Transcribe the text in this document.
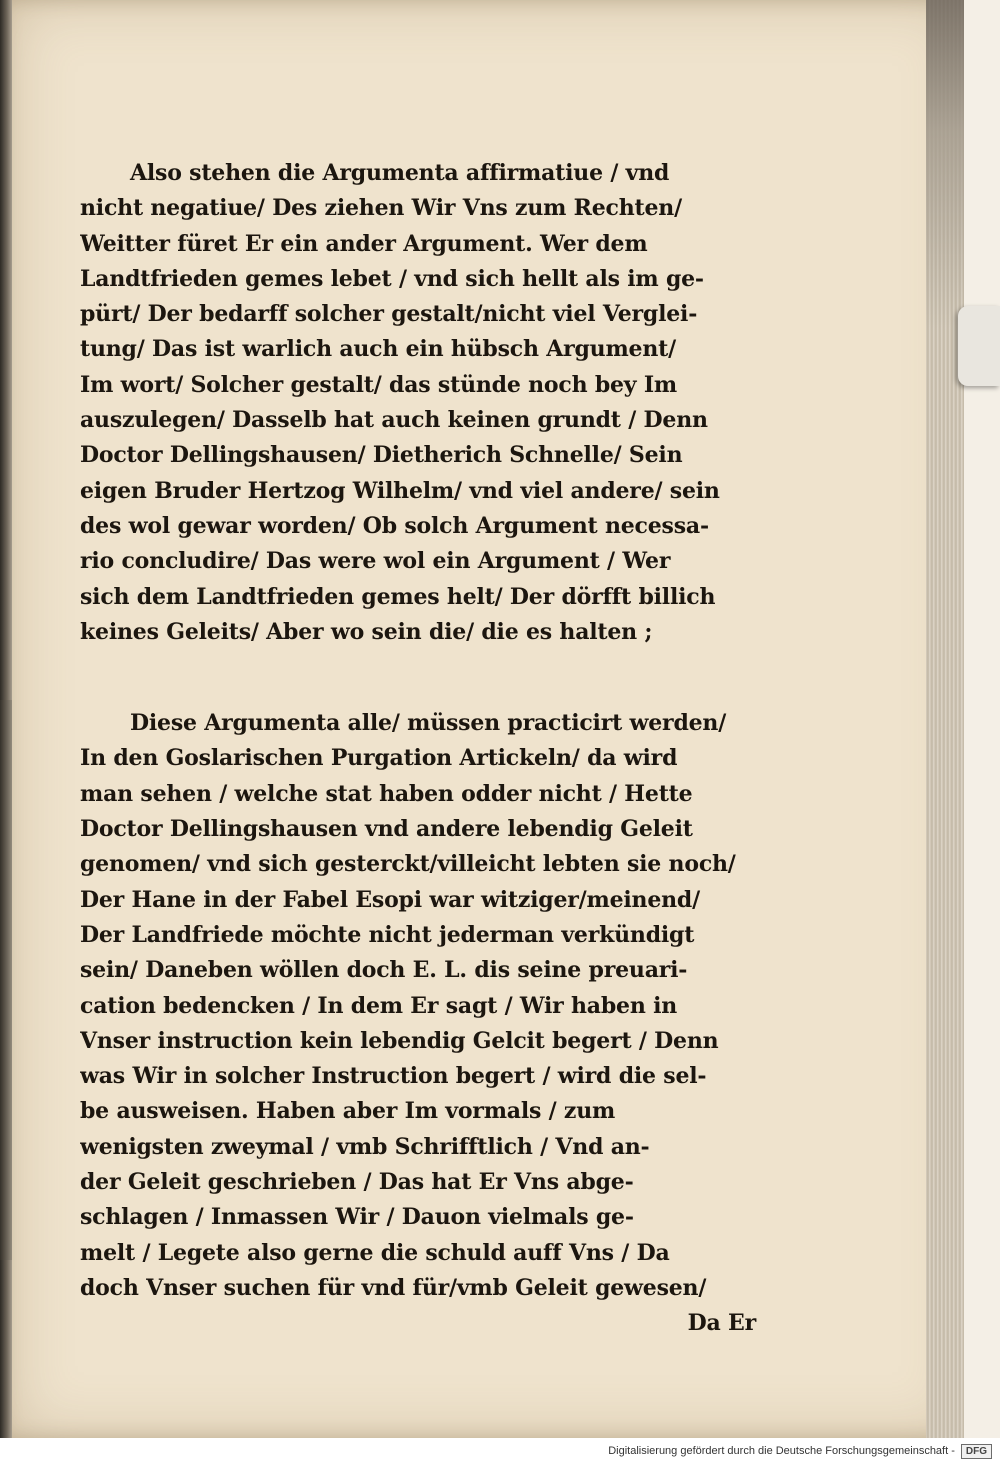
Also stehen die Argumenta affirmatiue / vnd
nicht negatiue/ Des ziehen Wir Vns zum Rechten/
Weitter füret Er ein ander Argument. Wer dem
Landtfrieden gemes lebet / vnd sich hellt als im ge-
pürt/ Der bedarff solcher gestalt/nicht viel Verglei-
tung/ Das ist warlich auch ein hübsch Argument/
Im wort/ Solcher gestalt/ das stünde noch bey Im
auszulegen/ Dasselb hat auch keinen grundt / Denn
Doctor Dellingshausen/ Dietherich Schnelle/ Sein
eigen Bruder Hertzog Wilhelm/ vnd viel andere/ sein
des wol gewar worden/ Ob solch Argument necessa-
rio concludire/ Das were wol ein Argument / Wer
sich dem Landtfrieden gemes helt/ Der dörfft billich
keines Geleits/ Aber wo sein die/ die es halten ;
Diese Argumenta alle/ müssen practicirt werden/
In den Goslarischen Purgation Artickeln/ da wird
man sehen / welche stat haben odder nicht / Hette
Doctor Dellingshausen vnd andere lebendig Geleit
genomen/ vnd sich gesterckt/villeicht lebten sie noch/
Der Hane in der Fabel Esopi war witziger/meinend/
Der Landfriede möchte nicht jederman verkündigt
sein/ Daneben wöllen doch E. L. dis seine preuari-
cation bedencken / In dem Er sagt / Wir haben in
Vnser instruction kein lebendig Gelcit begert / Denn
was Wir in solcher Instruction begert / wird die sel-
be ausweisen. Haben aber Im vormals / zum
wenigsten zweymal / vmb Schrifftlich / Vnd an-
der Geleit geschrieben / Das hat Er Vns abge-
schlagen / Inmassen Wir / Dauon vielmals ge-
melt / Legete also gerne die schuld auff Vns / Da
doch Vnser suchen für vnd für/vmb Geleit gewesen/
Da Er
Digitalisierung gefördert durch die Deutsche Forschungsgemeinschaft -	DFG
